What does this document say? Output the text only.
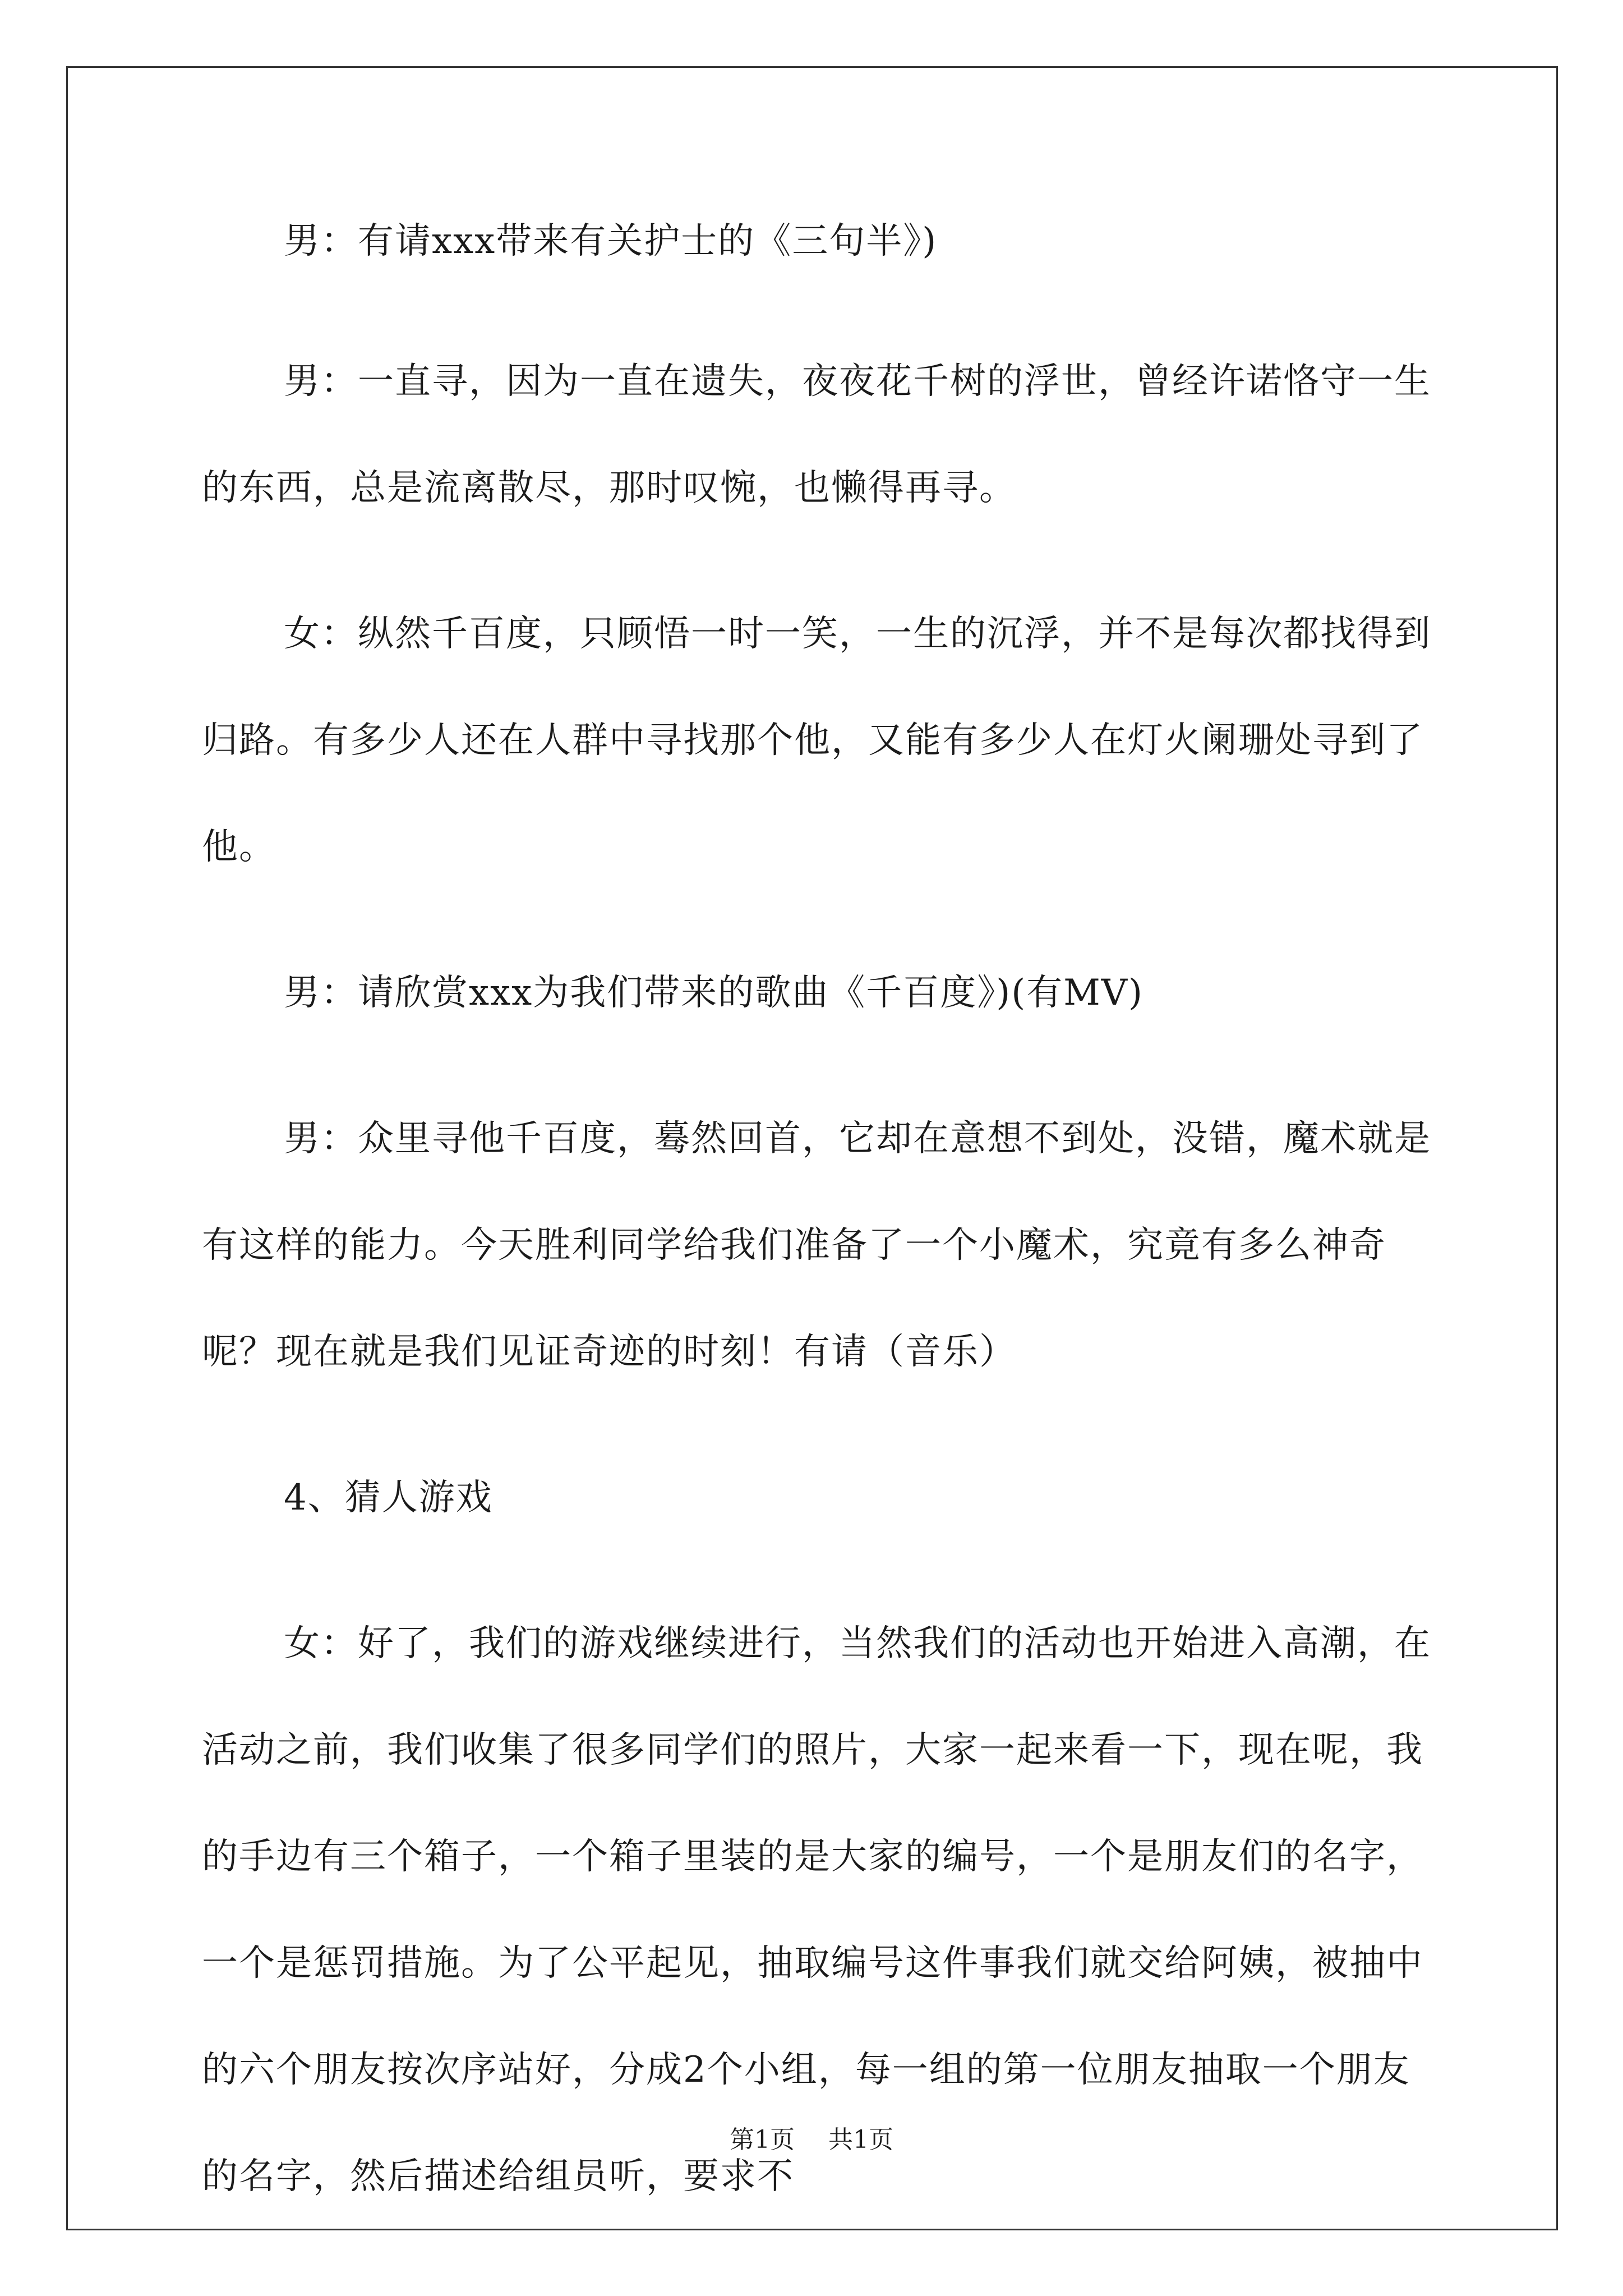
男：有请xxx带来有关护士的《三句半》)

男：一直寻，因为一直在遗失，夜夜花千树的浮世，曾经许诺恪守一生的东西，总是流离散尽，那时叹惋，也懒得再寻。

女：纵然千百度，只顾悟一时一笑，一生的沉浮，并不是每次都找得到归路。有多少人还在人群中寻找那个他，又能有多少人在灯火阑珊处寻到了他。

男：请欣赏xxx为我们带来的歌曲《千百度》)(有MV)

男：众里寻他千百度，蓦然回首，它却在意想不到处，没错，魔术就是有这样的能力。今天胜利同学给我们准备了一个小魔术，究竟有多么神奇呢？现在就是我们见证奇迹的时刻！有请（音乐）

4、猜人游戏

女：好了，我们的游戏继续进行，当然我们的活动也开始进入高潮，在活动之前，我们收集了很多同学们的照片，大家一起来看一下，现在呢，我的手边有三个箱子，一个箱子里装的是大家的编号，一个是朋友们的名字，一个是惩罚措施。为了公平起见，抽取编号这件事我们就交给阿姨，被抽中的六个朋友按次序站好，分成2个小组，每一组的第一位朋友抽取一个朋友的名字，然后描述给组员听，要求不

第1页 共1页
